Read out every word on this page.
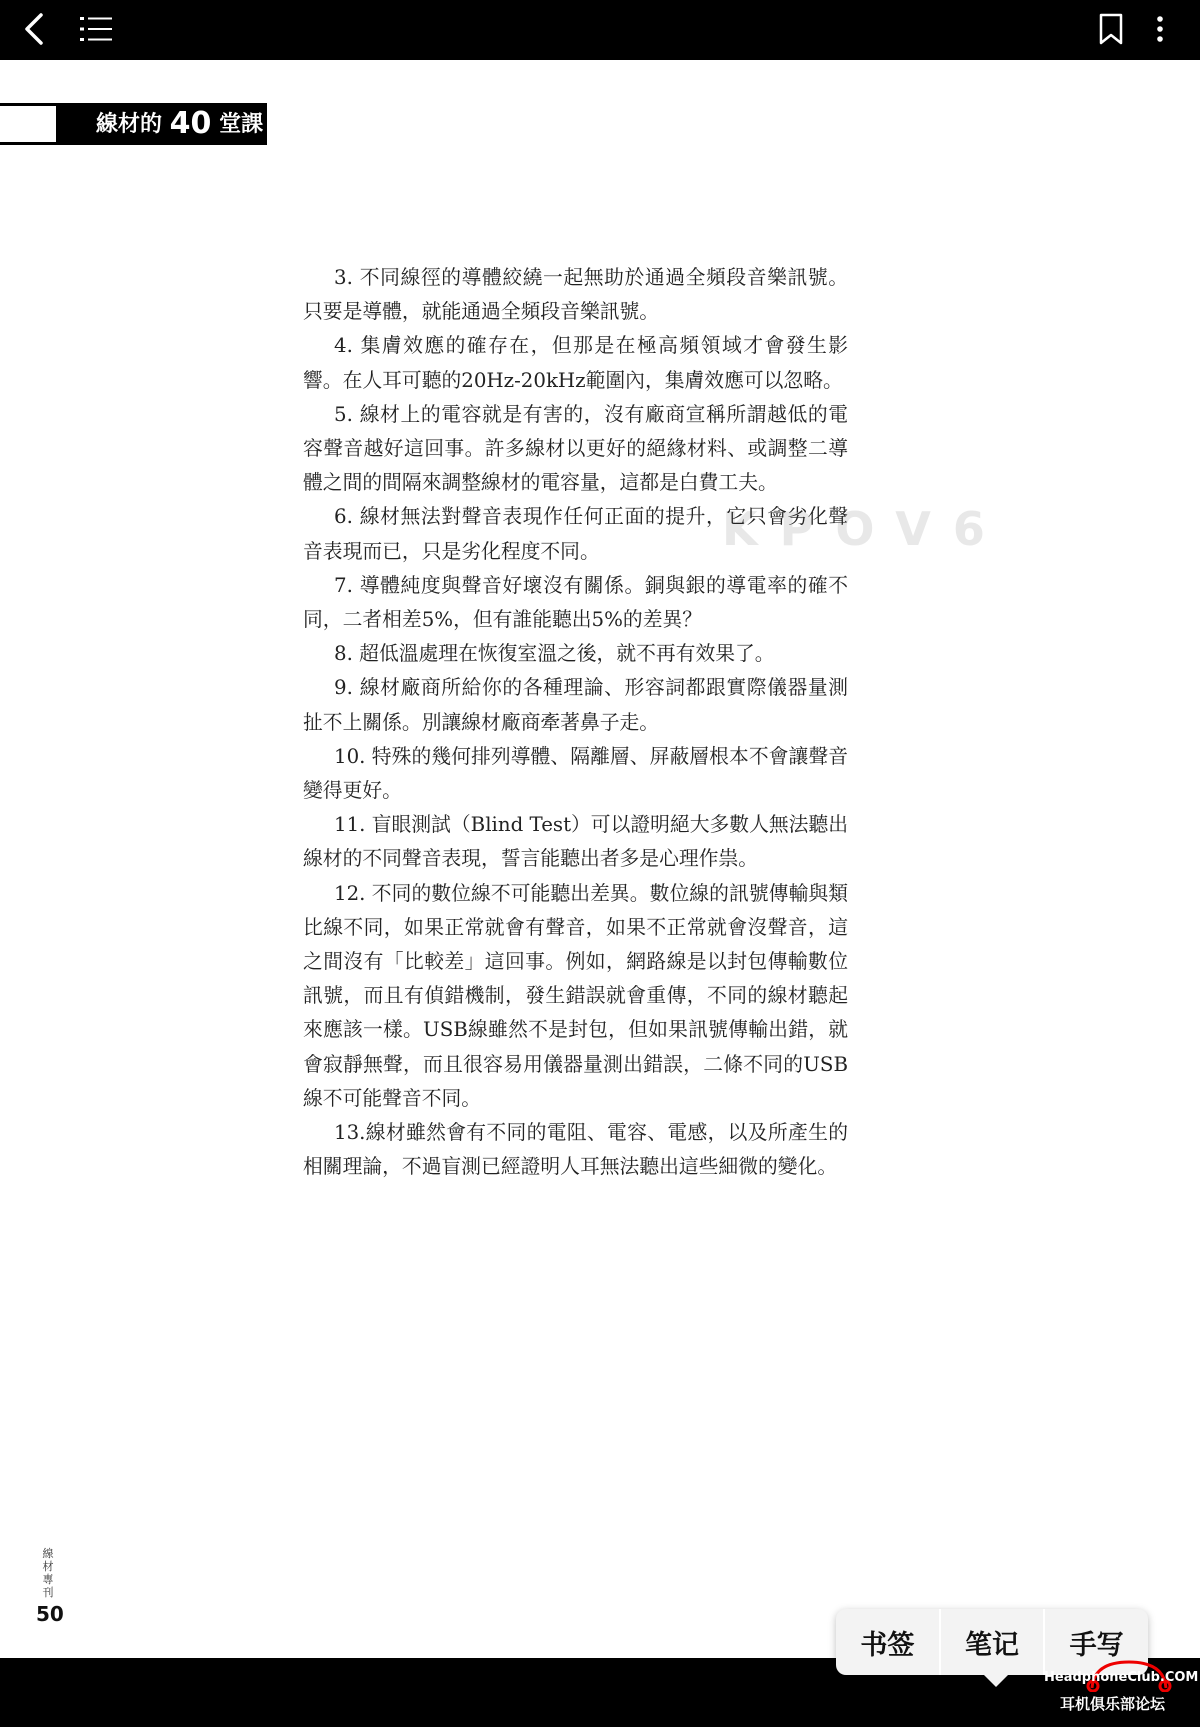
線材的 40 堂課
KPOV6

3. 不同線徑的導體絞繞一起無助於通過全頻段音樂訊號。只要是導體，就能通過全頻段音樂訊號。

4. 集膚效應的確存在，但那是在極高頻領域才會發生影響。在人耳可聽的20Hz-20kHz範圍內，集膚效應可以忽略。

5. 線材上的電容就是有害的，沒有廠商宣稱所謂越低的電容聲音越好這回事。許多線材以更好的絕緣材料、或調整二導體之間的間隔來調整線材的電容量，這都是白費工夫。

6. 線材無法對聲音表現作任何正面的提升，它只會劣化聲音表現而已，只是劣化程度不同。

7. 導體純度與聲音好壞沒有關係。銅與銀的導電率的確不同，二者相差5%，但有誰能聽出5%的差異？

8. 超低溫處理在恢復室溫之後，就不再有效果了。

9. 線材廠商所給你的各種理論、形容詞都跟實際儀器量測扯不上關係。別讓線材廠商牽著鼻子走。

10. 特殊的幾何排列導體、隔離層、屏蔽層根本不會讓聲音變得更好。

11. 盲眼測試（Blind Test）可以證明絕大多數人無法聽出線材的不同聲音表現，誓言能聽出者多是心理作祟。

12. 不同的數位線不可能聽出差異。數位線的訊號傳輸與類比線不同，如果正常就會有聲音，如果不正常就會沒聲音，這之間沒有「比較差」這回事。例如，網路線是以封包傳輸數位訊號，而且有偵錯機制，發生錯誤就會重傳，不同的線材聽起來應該一樣。USB線雖然不是封包，但如果訊號傳輸出錯，就會寂靜無聲，而且很容易用儀器量測出錯誤，二條不同的USB線不可能聲音不同。

13.線材雖然會有不同的電阻、電容、電感，以及所產生的相關理論，不過盲測已經證明人耳無法聽出這些細微的變化。

線材專刊
50
书签	笔记	手写
HeadphoneClub.COM
耳机俱乐部论坛
